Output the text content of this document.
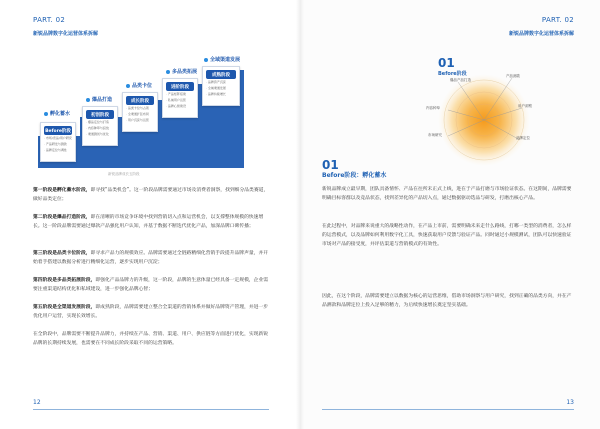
PART. 02
新锐品牌数字化运营体系拆解
孵化蓄水
Before阶段
· 市场/竞品/用户研究
· 产品研发与测款
· 品牌定位与调性
爆品打造
初创阶段
· 爆品定位与打造
· 内容种草与投放
· 渠道测试与优化
品类卡位
成长阶段
· 品类卡位与占领
· 全渠道扩张布局
· 用户沉淀与运营
多品类拓展
进阶阶段
· 产品矩阵搭建
· 私域用户运营
· 品牌心智建设
全域渠道发展
成熟阶段
· 品牌资产沉淀
· 全域渠道发展
· 品牌持续增长
新锐品牌成长五阶段
第一阶段是孵化蓄水阶段，即寻找“品类机会”。这一阶段品牌需要通过市场及消费者洞察，找到细分品类赛道，做好品类定位；
第二阶段是爆品打造阶段，即在清晰的市场竞争环境中找到营销切入点和运营机会，以支撑整体规模的快速增长。这一阶段品牌需要通过爆款产品强化用户认知，并基于数据不断迭代优化产品，加深品牌口碑传播；
第三阶段是品类卡位阶段，即寻求产品力的规模效应。品牌需要通过全链路精细化营销手段提升品牌声量，并开始着手搭建以数据分析进行精细化运营，逐步实现用户沉淀；
第四阶段是多品类拓展阶段，即强化产品品牌力的升级，这一阶段，品牌的生意体量已经具备一定规模，企业需要注重渠道结构优化和私域建设，进一步强化品牌心智；
第五阶段是全渠道发展阶段，即成熟阶段，品牌需要建立整合全渠道的营销体系并做好品牌资产管理，并进一步优化用户运营，实现长效增长。
在全阶段中，品牌需要不断提升品牌力，并持续在产品、营销、渠道、用户、供应链等方面进行优化，实现新锐品牌的长期持续发展，也需要在不同成长阶段采取不同的运营策略。
12
PART. 02
新锐品牌数字化运营体系拆解
01
Before阶段
爆品产品打造
内容种草
市场研究
产品测款
用户洞察
品牌定位
01
Before阶段：孵化蓄水
新锐品牌成立最早期，团队具备情怀、产品在往所未正式上线，进在于产品打磨与市场验证状态。在这期间，品牌需要明确目标客群以及竞品状态，找到差异化的产品切入点，通过数据驱动选品与研发，打磨出核心产品。
在此过程中，对品牌来说重大的战略性动作，在产品上市前，需要明确未来走什么路线，打哪一类型的消费者，怎么样的运营模式，以及品牌如何利用数字化工具，快速获取用户反馈与验证产品。同时通过小规模测试，团队可以快速验证市场对产品的接受度，并评估渠道与营销模式的有效性。
因此，在这个阶段，品牌需要建立以数据为核心的运营思维，借助市场洞察与用户研究，找到正确的品类方向，并在产品测款和品牌定位上投入足够的精力，为后续快速增长奠定坚实基础。
13
